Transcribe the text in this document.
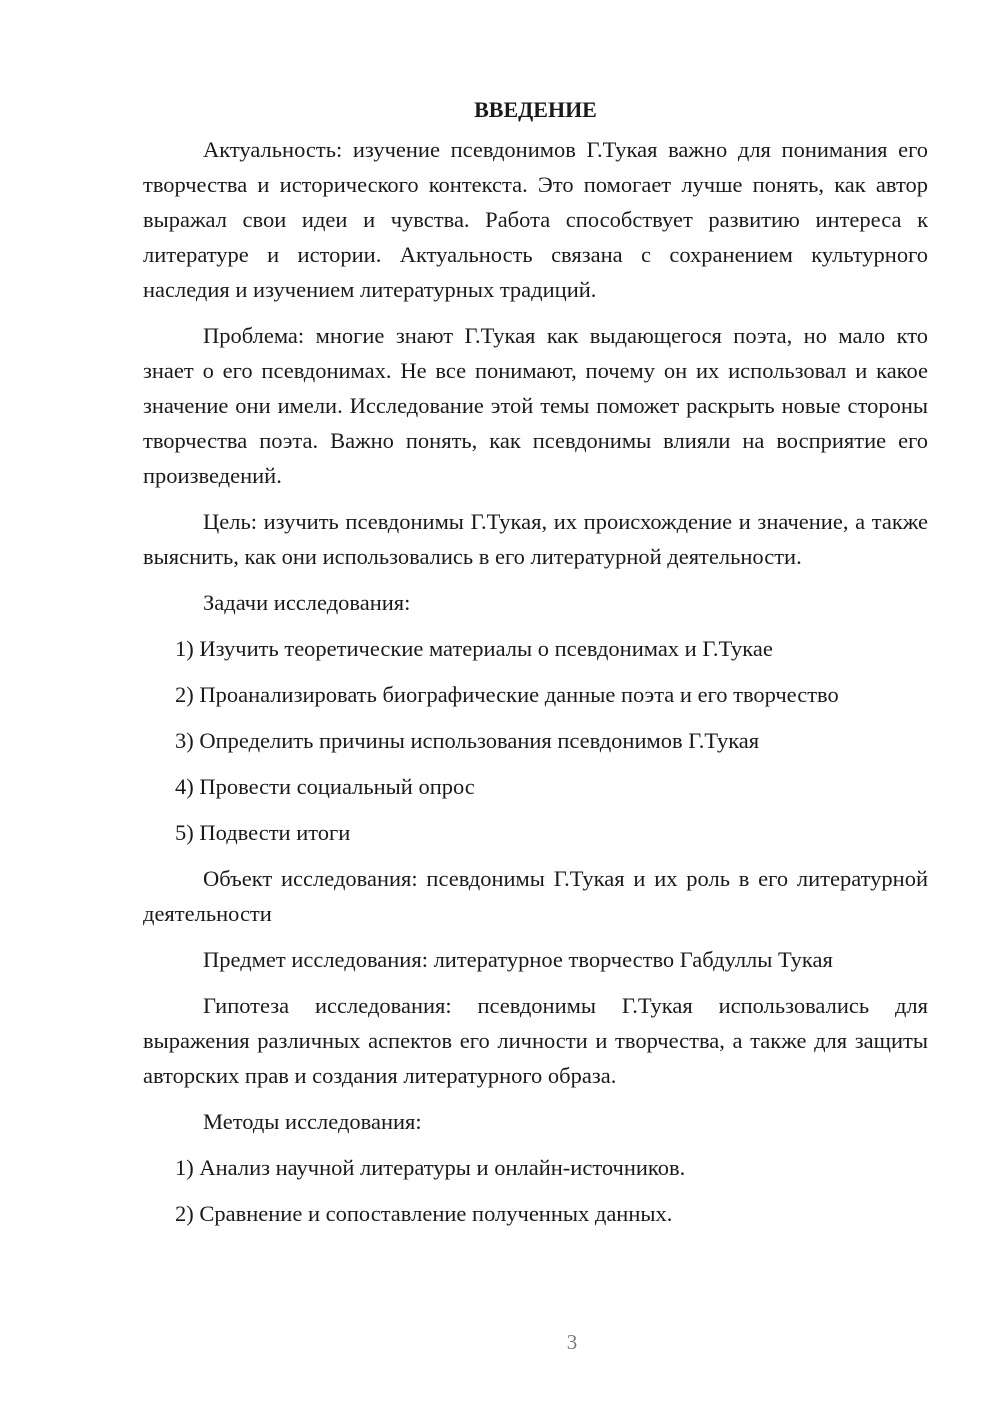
ВВЕДЕНИЕ

Актуальность: изучение псевдонимов Г.Тукая важно для понимания его творчества и исторического контекста. Это помогает лучше понять, как автор выражал свои идеи и чувства. Работа способствует развитию интереса к литературе и истории. Актуальность связана с сохранением культурного наследия и изучением литературных традиций.

Проблема: многие знают Г.Тукая как выдающегося поэта, но мало кто знает о его псевдонимах. Не все понимают, почему он их использовал и какое значение они имели. Исследование этой темы поможет раскрыть новые стороны творчества поэта. Важно понять, как псевдонимы влияли на восприятие его произведений.

Цель: изучить псевдонимы Г.Тукая, их происхождение и значение, а также выяснить, как они использовались в его литературной деятельности.

Задачи исследования:

1) Изучить теоретические материалы о псевдонимах и Г.Тукае
2) Проанализировать биографические данные поэта и его творчество
3) Определить причины использования псевдонимов Г.Тукая
4) Провести социальный опрос
5) Подвести итоги

Объект исследования: псевдонимы Г.Тукая и их роль в его литературной деятельности

Предмет исследования: литературное творчество Габдуллы Тукая

Гипотеза исследования: псевдонимы Г.Тукая использовались для выражения различных аспектов его личности и творчества, а также для защиты авторских прав и создания литературного образа.

Методы исследования:

1) Анализ научной литературы и онлайн-источников.
2) Сравнение и сопоставление полученных данных.
3
